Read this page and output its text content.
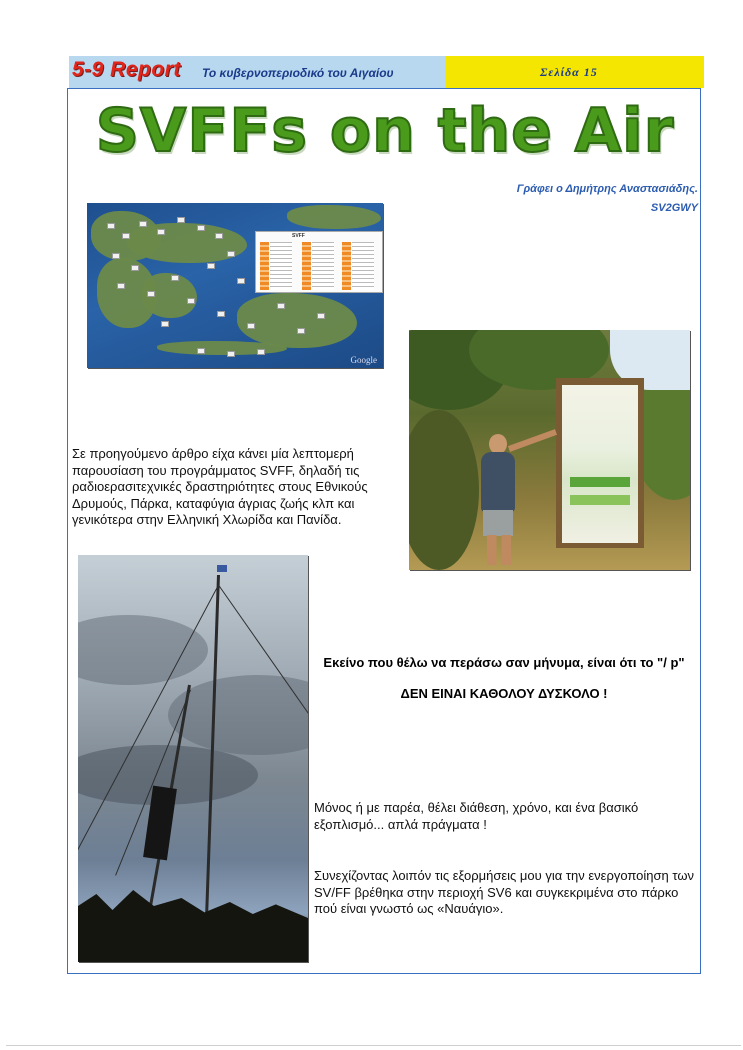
5-9 Report Το κυβερνοπεριοδικό του Αιγαίου	Σελίδα 15
SVFFs on the Air
Γράφει ο Δημήτρης Αναστασιάδης.
SV2GWY
SVFF
Google
Σε προηγούμενο άρθρο είχα κάνει μία λεπτομερή παρουσίαση του προγράμματος SVFF, δηλαδή τις ραδιοερασιτεχνικές δραστηριότητες στους Εθνικούς Δρυμούς, Πάρκα, καταφύγια άγριας ζωής κλπ και γενικότερα στην Ελληνική Χλωρίδα και Πανίδα.
Εκείνο που θέλω να περάσω σαν μήνυμα, είναι ότι το "/ p"
ΔΕΝ ΕΙΝΑΙ ΚΑΘΟΛΟΥ ΔΥΣΚΟΛΟ !
Μόνος ή με παρέα, θέλει διάθεση, χρόνο, και ένα βασικό εξοπλισμό... απλά πράγματα !
Συνεχίζοντας λοιπόν τις εξορμήσεις μου για την ενεργοποίηση των SV/FF βρέθηκα στην περιοχή SV6 και συγκεκριμένα στο πάρκο πού είναι γνωστό ως «Ναυάγιο».
